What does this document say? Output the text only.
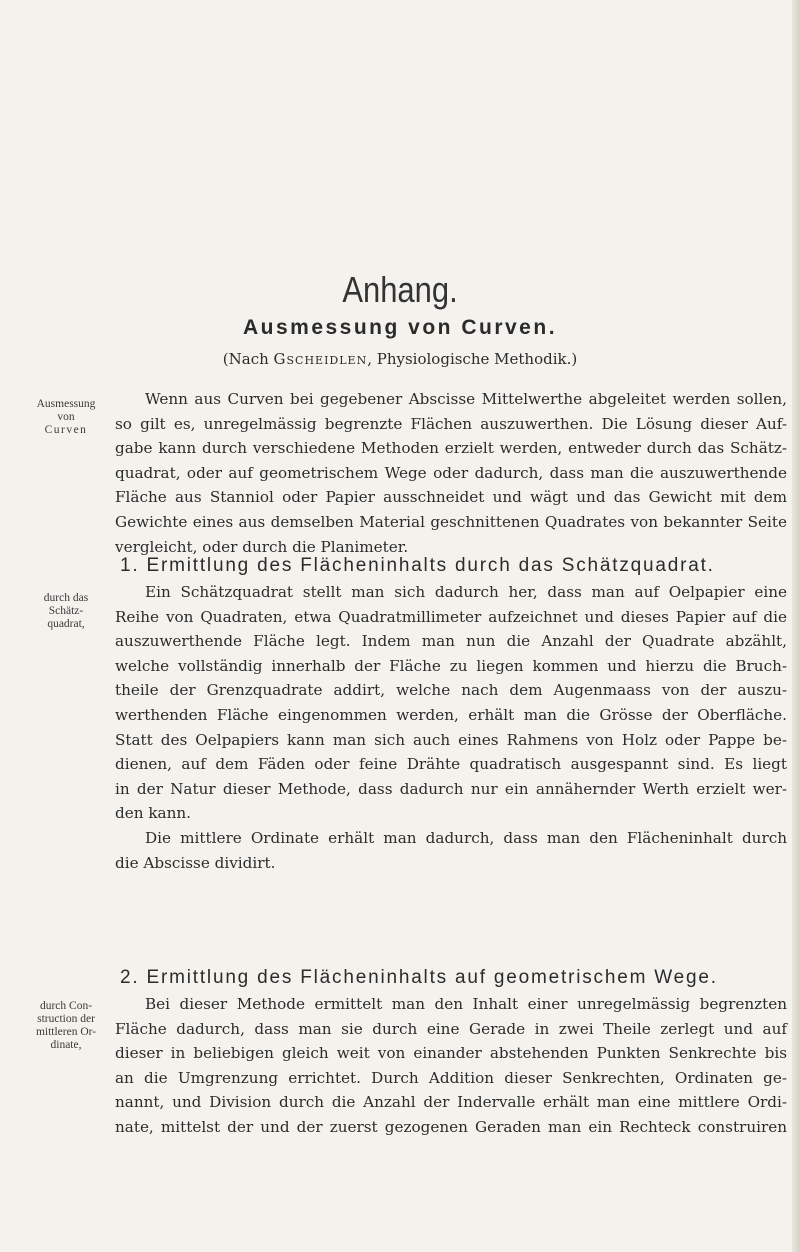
Anhang.
Ausmessung von Curven.
(Nach Gscheidlen, Physiologische Methodik.)
Ausmessung
von
Curven
durch das
Schätz-
quadrat,
durch Con-
struction der
mittleren Or-
dinate,
Wenn aus Curven bei gegebener Abscisse Mittelwerthe abgeleitet werden sollen,
so gilt es, unregelmässig begrenzte Flächen auszuwerthen. Die Lösung dieser Auf-
gabe kann durch verschiedene Methoden erzielt werden, entweder durch das Schätz-
quadrat, oder auf geometrischem Wege oder dadurch, dass man die auszuwerthende
Fläche aus Stanniol oder Papier ausschneidet und wägt und das Gewicht mit dem
Gewichte eines aus demselben Material geschnittenen Quadrates von bekannter Seite
vergleicht, oder durch die Planimeter.
1. Ermittlung des Flächeninhalts durch das Schätzquadrat.
Ein Schätzquadrat stellt man sich dadurch her, dass man auf Oelpapier eine
Reihe von Quadraten, etwa Quadratmillimeter aufzeichnet und dieses Papier auf die
auszuwerthende Fläche legt. Indem man nun die Anzahl der Quadrate abzählt,
welche vollständig innerhalb der Fläche zu liegen kommen und hierzu die Bruch-
theile der Grenzquadrate addirt, welche nach dem Augenmaass von der auszu-
werthenden Fläche eingenommen werden, erhält man die Grösse der Oberfläche.
Statt des Oelpapiers kann man sich auch eines Rahmens von Holz oder Pappe be-
dienen, auf dem Fäden oder feine Drähte quadratisch ausgespannt sind. Es liegt
in der Natur dieser Methode, dass dadurch nur ein annähernder Werth erzielt wer-
den kann.
Die mittlere Ordinate erhält man dadurch, dass man den Flächeninhalt durch
die Abscisse dividirt.
2. Ermittlung des Flächeninhalts auf geometrischem Wege.
Bei dieser Methode ermittelt man den Inhalt einer unregelmässig begrenzten
Fläche dadurch, dass man sie durch eine Gerade in zwei Theile zerlegt und auf
dieser in beliebigen gleich weit von einander abstehenden Punkten Senkrechte bis
an die Umgrenzung errichtet. Durch Addition dieser Senkrechten, Ordinaten ge-
nannt, und Division durch die Anzahl der Indervalle erhält man eine mittlere Ordi-
nate, mittelst der und der zuerst gezogenen Geraden man ein Rechteck construiren
